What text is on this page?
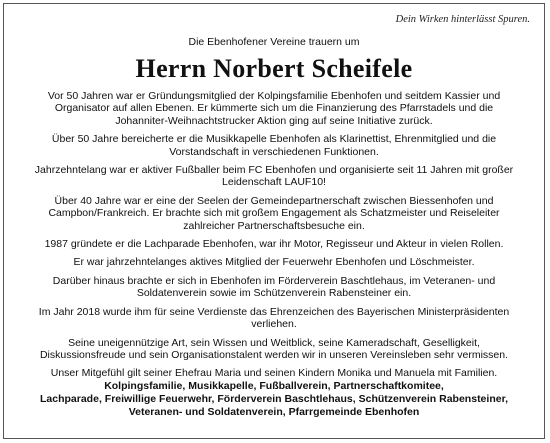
Dein Wirken hinterlässt Spuren.
Die Ebenhofener Vereine trauern um
Herrn Norbert Scheifele

Vor 50 Jahren war er Gründungsmitglied der Kolpingsfamilie Ebenhofen und seitdem Kassier und Organisator auf allen Ebenen. Er kümmerte sich um die Finanzierung des Pfarrstadels und die Johanniter-Weihnachtstrucker Aktion ging auf seine Initiative zurück.

Über 50 Jahre bereicherte er die Musikkapelle Ebenhofen als Klarinettist, Ehrenmitglied und die Vorstandschaft in verschiedenen Funktionen.

Jahrzehntelang war er aktiver Fußballer beim FC Ebenhofen und organisierte seit 11 Jahren mit großer Leidenschaft LAUF10!

Über 40 Jahre war er eine der Seelen der Gemeindepartnerschaft zwischen Biessenhofen und Campbon/Frankreich. Er brachte sich mit großem Engagement als Schatzmeister und Reiseleiter zahlreicher Partnerschaftsbesuche ein.

1987 gründete er die Lachparade Ebenhofen, war ihr Motor, Regisseur und Akteur in vielen Rollen.

Er war jahrzehntelanges aktives Mitglied der Feuerwehr Ebenhofen und Löschmeister.

Darüber hinaus brachte er sich in Ebenhofen im Förderverein Baschtlehaus, im Veteranen- und Soldatenverein sowie im Schützenverein Rabensteiner ein.

Im Jahr 2018 wurde ihm für seine Verdienste das Ehrenzeichen des Bayerischen Ministerpräsidenten verliehen.

Seine uneigennützige Art, sein Wissen und Weitblick, seine Kameradschaft, Geselligkeit, Diskussionsfreude und sein Organisationstalent werden wir in unseren Vereinsleben sehr vermissen.

Unser Mitgefühl gilt seiner Ehefrau Maria und seinen Kindern Monika und Manuela mit Familien.

Kolpingsfamilie, Musikkapelle, Fußballverein, Partnerschaftkomitee,
Lachparade, Freiwillige Feuerwehr, Förderverein Baschtlehaus, Schützenverein Rabensteiner,
Veteranen- und Soldatenverein, Pfarrgemeinde Ebenhofen
